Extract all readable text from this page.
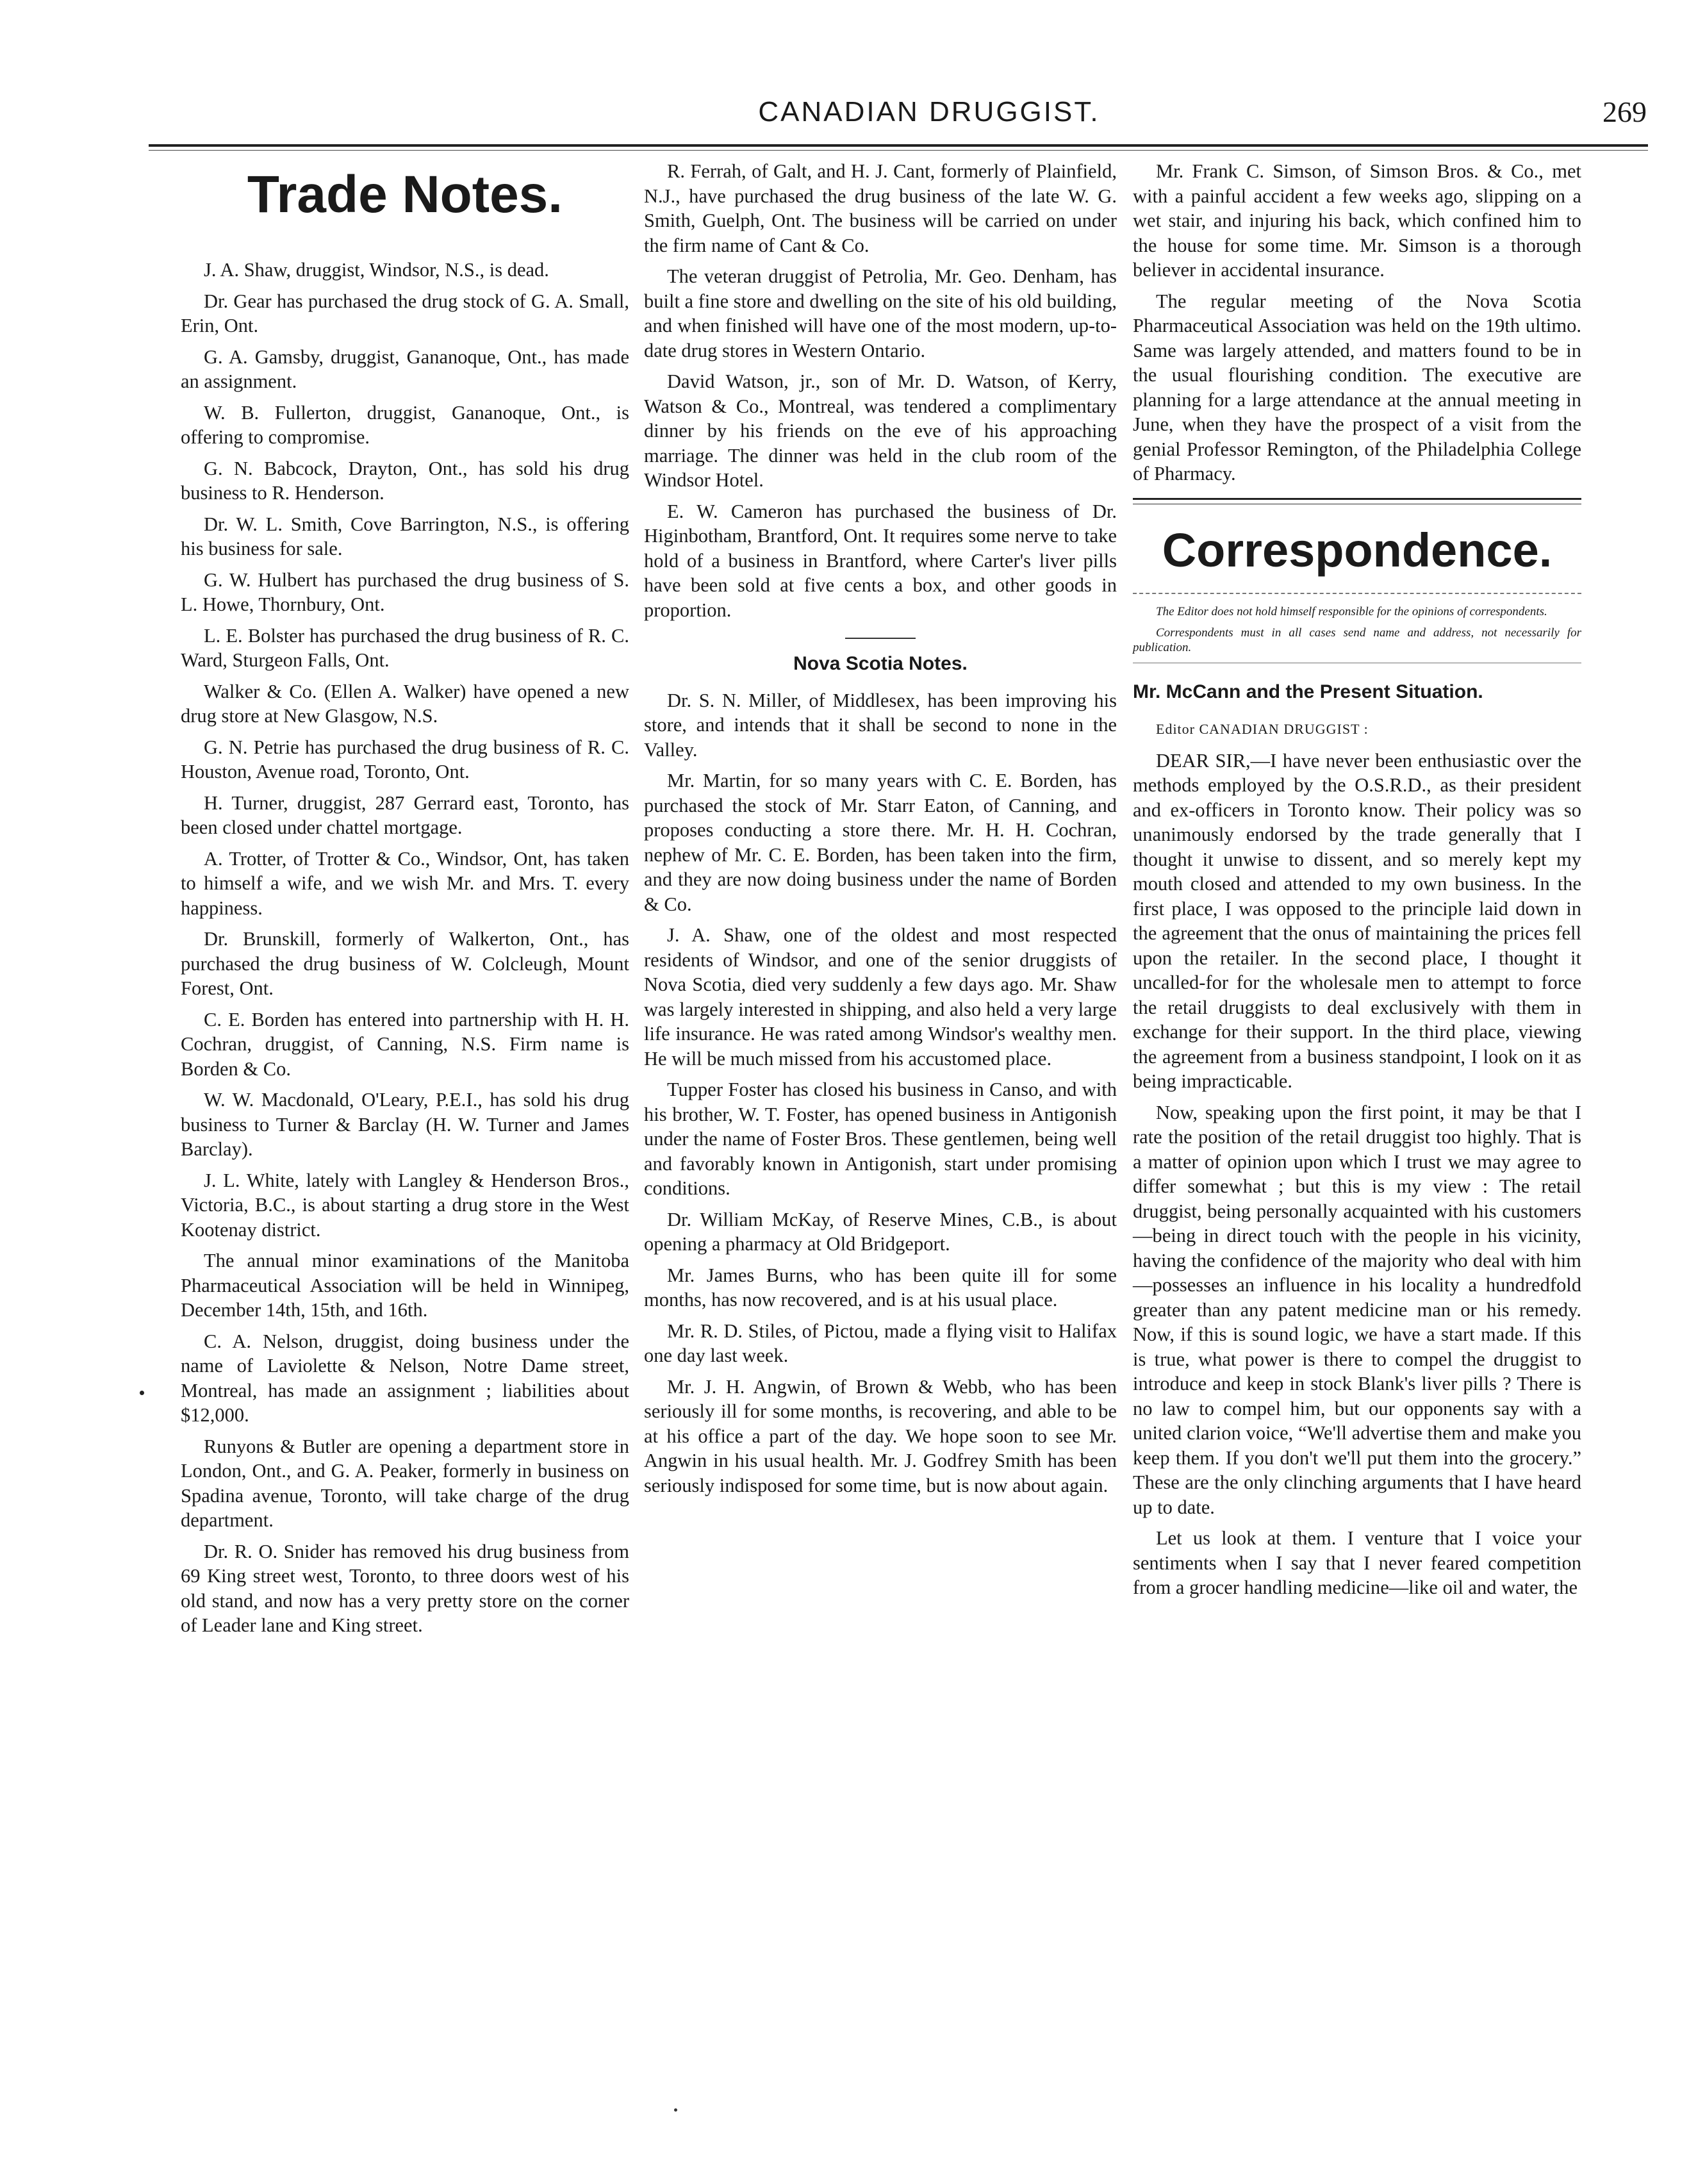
CANADIAN DRUGGIST.	269
Trade Notes.

J. A. Shaw, druggist, Windsor, N.S., is dead.

Dr. Gear has purchased the drug stock of G. A. Small, Erin, Ont.

G. A. Gamsby, druggist, Gananoque, Ont., has made an assignment.

W. B. Fullerton, druggist, Gananoque, Ont., is offering to compromise.

G. N. Babcock, Drayton, Ont., has sold his drug business to R. Henderson.

Dr. W. L. Smith, Cove Barrington, N.S., is offering his business for sale.

G. W. Hulbert has purchased the drug business of S. L. Howe, Thornbury, Ont.

L. E. Bolster has purchased the drug business of R. C. Ward, Sturgeon Falls, Ont.

Walker & Co. (Ellen A. Walker) have opened a new drug store at New Glasgow, N.S.

G. N. Petrie has purchased the drug business of R. C. Houston, Avenue road, Toronto, Ont.

H. Turner, druggist, 287 Gerrard east, Toronto, has been closed under chattel mortgage.

A. Trotter, of Trotter & Co., Windsor, Ont, has taken to himself a wife, and we wish Mr. and Mrs. T. every happiness.

Dr. Brunskill, formerly of Walkerton, Ont., has purchased the drug business of W. Colcleugh, Mount Forest, Ont.

C. E. Borden has entered into partnership with H. H. Cochran, druggist, of Canning, N.S. Firm name is Borden & Co.

W. W. Macdonald, O'Leary, P.E.I., has sold his drug business to Turner & Barclay (H. W. Turner and James Barclay).

J. L. White, lately with Langley & Henderson Bros., Victoria, B.C., is about starting a drug store in the West Kootenay district.

The annual minor examinations of the Manitoba Pharmaceutical Association will be held in Winnipeg, December 14th, 15th, and 16th.

C. A. Nelson, druggist, doing business under the name of Laviolette & Nelson, Notre Dame street, Montreal, has made an assignment ; liabilities about $12,000.

Runyons & Butler are opening a department store in London, Ont., and G. A. Peaker, formerly in business on Spadina avenue, Toronto, will take charge of the drug department.

Dr. R. O. Snider has removed his drug business from 69 King street west, Toronto, to three doors west of his old stand, and now has a very pretty store on the corner of Leader lane and King street.

R. Ferrah, of Galt, and H. J. Cant, formerly of Plainfield, N.J., have purchased the drug business of the late W. G. Smith, Guelph, Ont. The business will be carried on under the firm name of Cant & Co.

The veteran druggist of Petrolia, Mr. Geo. Denham, has built a fine store and dwelling on the site of his old building, and when finished will have one of the most modern, up-to-date drug stores in Western Ontario.

David Watson, jr., son of Mr. D. Watson, of Kerry, Watson & Co., Montreal, was tendered a complimentary dinner by his friends on the eve of his approaching marriage. The dinner was held in the club room of the Windsor Hotel.

E. W. Cameron has purchased the business of Dr. Higinbotham, Brantford, Ont. It requires some nerve to take hold of a business in Brantford, where Carter's liver pills have been sold at five cents a box, and other goods in proportion.

Nova Scotia Notes.

Dr. S. N. Miller, of Middlesex, has been improving his store, and intends that it shall be second to none in the Valley.

Mr. Martin, for so many years with C. E. Borden, has purchased the stock of Mr. Starr Eaton, of Canning, and proposes conducting a store there. Mr. H. H. Cochran, nephew of Mr. C. E. Borden, has been taken into the firm, and they are now doing business under the name of Borden & Co.

J. A. Shaw, one of the oldest and most respected residents of Windsor, and one of the senior druggists of Nova Scotia, died very suddenly a few days ago. Mr. Shaw was largely interested in shipping, and also held a very large life insurance. He was rated among Windsor's wealthy men. He will be much missed from his accustomed place.

Tupper Foster has closed his business in Canso, and with his brother, W. T. Foster, has opened business in Antigonish under the name of Foster Bros. These gentlemen, being well and favorably known in Antigonish, start under promising conditions.

Dr. William McKay, of Reserve Mines, C.B., is about opening a pharmacy at Old Bridgeport.

Mr. James Burns, who has been quite ill for some months, has now recovered, and is at his usual place.

Mr. R. D. Stiles, of Pictou, made a flying visit to Halifax one day last week.

Mr. J. H. Angwin, of Brown & Webb, who has been seriously ill for some months, is recovering, and able to be at his office a part of the day. We hope soon to see Mr. Angwin in his usual health. Mr. J. Godfrey Smith has been seriously indisposed for some time, but is now about again.

Mr. Frank C. Simson, of Simson Bros. & Co., met with a painful accident a few weeks ago, slipping on a wet stair, and injuring his back, which confined him to the house for some time. Mr. Simson is a thorough believer in accidental insurance.

The regular meeting of the Nova Scotia Pharmaceutical Association was held on the 19th ultimo. Same was largely attended, and matters found to be in the usual flourishing condition. The executive are planning for a large attendance at the annual meeting in June, when they have the prospect of a visit from the genial Professor Remington, of the Philadelphia College of Pharmacy.

Correspondence.

The Editor does not hold himself responsible for the opinions of correspondents.

Correspondents must in all cases send name and address, not necessarily for publication.

Mr. McCann and the Present Situation.

Editor CANADIAN DRUGGIST :

DEAR SIR,—I have never been enthusiastic over the methods employed by the O.S.R.D., as their president and ex-officers in Toronto know. Their policy was so unanimously endorsed by the trade generally that I thought it unwise to dissent, and so merely kept my mouth closed and attended to my own business. In the first place, I was opposed to the principle laid down in the agreement that the onus of maintaining the prices fell upon the retailer. In the second place, I thought it uncalled-for for the wholesale men to attempt to force the retail druggists to deal exclusively with them in exchange for their support. In the third place, viewing the agreement from a business standpoint, I look on it as being impracticable.

Now, speaking upon the first point, it may be that I rate the position of the retail druggist too highly. That is a matter of opinion upon which I trust we may agree to differ somewhat ; but this is my view : The retail druggist, being personally acquainted with his customers—being in direct touch with the people in his vicinity, having the confidence of the majority who deal with him—possesses an influence in his locality a hundredfold greater than any patent medicine man or his remedy. Now, if this is sound logic, we have a start made. If this is true, what power is there to compel the druggist to introduce and keep in stock Blank's liver pills ? There is no law to compel him, but our opponents say with a united clarion voice, “We'll advertise them and make you keep them. If you don't we'll put them into the grocery.” These are the only clinching arguments that I have heard up to date.

Let us look at them. I venture that I voice your sentiments when I say that I never feared competition from a grocer handling medicine—like oil and water, the
